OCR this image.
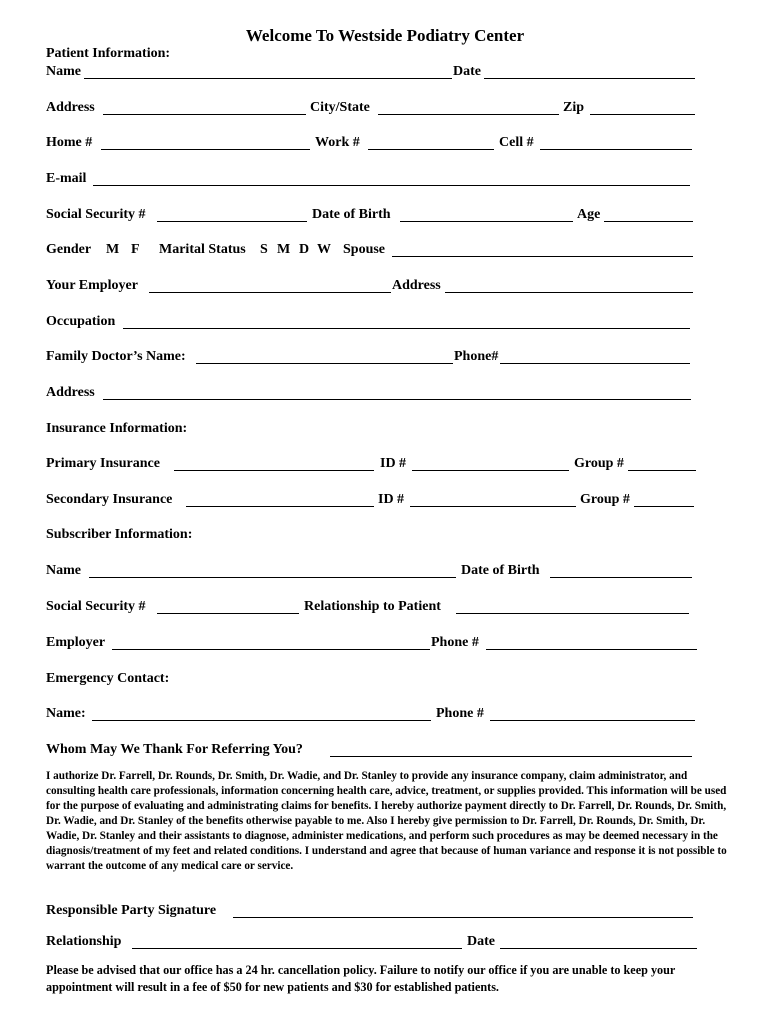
Welcome To Westside Podiatry Center
Patient Information:
Name	Date
Address	City/State	Zip
Home #	Work #	Cell #
E-mail
Social Security #	Date of Birth	Age
Gender M F Marital Status S M D W Spouse
Your Employer	Address
Occupation
Family Doctor’s Name:	Phone#
Address
Insurance Information:
Primary Insurance	ID #	Group #
Secondary Insurance	ID #	Group #
Subscriber Information:
Name	Date of Birth
Social Security #	Relationship to Patient
Employer	Phone #
Emergency Contact:
Name:	Phone #
Whom May We Thank For Referring You?

I authorize Dr. Farrell, Dr. Rounds, Dr. Smith, Dr. Wadie, and Dr. Stanley to provide any insurance company, claim administrator, and consulting health care professionals, information concerning health care, advice, treatment, or supplies provided. This information will be used for the purpose of evaluating and administrating claims for benefits. I hereby authorize payment directly to Dr. Farrell, Dr. Rounds, Dr. Smith, Dr. Wadie, and Dr. Stanley of the benefits otherwise payable to me. Also I hereby give permission to Dr. Farrell, Dr. Rounds, Dr. Smith, Dr. Wadie, Dr. Stanley and their assistants to diagnose, administer medications, and perform such procedures as may be deemed necessary in the diagnosis/treatment of my feet and related conditions. I understand and agree that because of human variance and response it is not possible to warrant the outcome of any medical care or service.

Responsible Party Signature
Relationship	Date

Please be advised that our office has a 24 hr. cancellation policy. Failure to notify our office if you are unable to keep your appointment will result in a fee of $50 for new patients and $30 for established patients.
